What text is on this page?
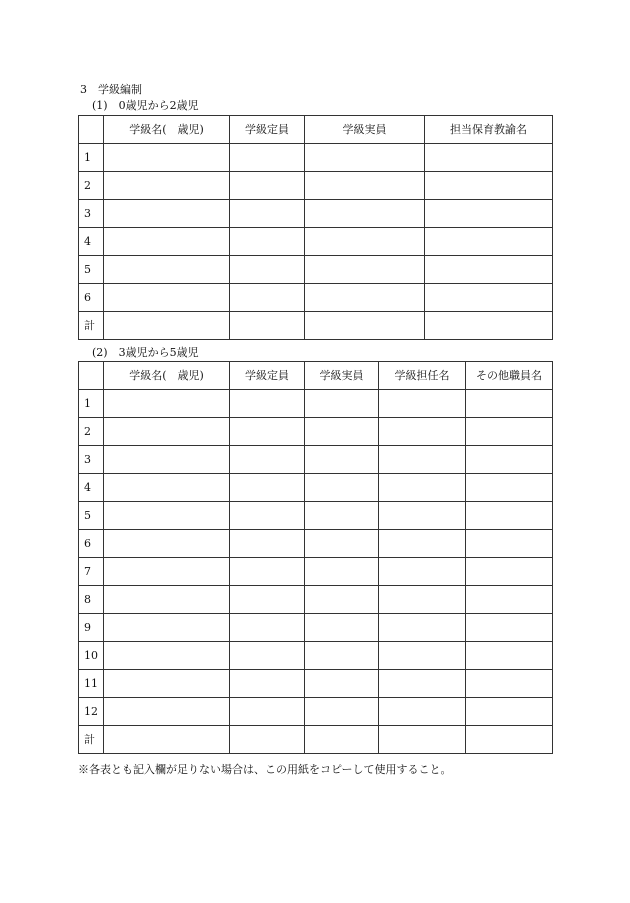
3　学級編制
(1)　0歳児から2歳児
	学級名(　歳児)	学級定員	学級実員	担当保育教諭名
1				
2				
3				
4				
5				
6				
計				
(2)　3歳児から5歳児
	学級名(　歳児)	学級定員	学級実員	学級担任名	その他職員名
1					
2					
3					
4					
5					
6					
7					
8					
9					
10					
11					
12					
計					
※各表とも記入欄が足りない場合は、この用紙をコピーして使用すること。
